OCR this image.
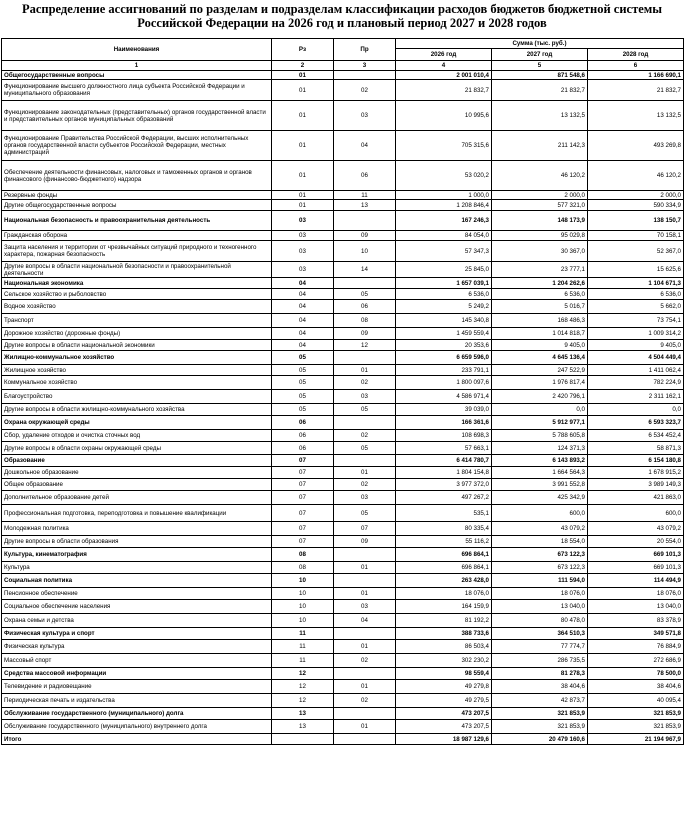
Распределение ассигнований по разделам и подразделам классификации расходов бюджетов бюджетной системы Российской Федерации на 2026 год и плановый период 2027 и 2028 годов
Наименования	Рз	Пр	Сумма (тыс. руб.)		
			2026 год	2027 год	2028 год
1	2	3	4	5	6
Общегосударственные вопросы	01		2 001 010,4	871 548,6	1 166 690,1
Функционирование высшего должностного лица субъекта Российской Федерации и муниципального образования	01	02	21 832,7	21 832,7	21 832,7
Функционирование законодательных (представительных) органов государственной власти и представительных органов муниципальных образований	01	03	10 995,6	13 132,5	13 132,5
Функционирование Правительства Российской Федерации, высших исполнительных органов государственной власти субъектов Российской Федерации, местных администраций	01	04	705 315,6	211 142,3	493 269,8
Обеспечение деятельности финансовых, налоговых и таможенных органов и органов финансового (финансово-бюджетного) надзора	01	06	53 020,2	46 120,2	46 120,2
Резервные фонды	01	11	1 000,0	2 000,0	2 000,0
Другие общегосударственные вопросы	01	13	1 208 846,4	577 321,0	590 334,9
Национальная безопасность и правоохранительная деятельность	03		167 246,3	148 173,9	138 150,7
Гражданская оборона	03	09	84 054,0	95 029,8	70 158,1
Защита населения и территории от чрезвычайных ситуаций природного и техногенного характера, пожарная безопасность	03	10	57 347,3	30 367,0	52 367,0
Другие вопросы в области национальной безопасности и правоохранительной деятельности	03	14	25 845,0	23 777,1	15 625,6
Национальная экономика	04		1 657 039,1	1 204 262,6	1 104 671,3
Сельское хозяйство и рыболовство	04	05	6 536,0	6 536,0	6 536,0
Водное хозяйство	04	06	5 249,2	5 016,7	5 662,0
Транспорт	04	08	145 340,8	168 486,3	73 754,1
Дорожное хозяйство (дорожные фонды)	04	09	1 459 559,4	1 014 818,7	1 009 314,2
Другие вопросы в области национальной экономики	04	12	20 353,6	9 405,0	9 405,0
Жилищно-коммунальное хозяйство	05		6 659 596,0	4 645 136,4	4 504 449,4
Жилищное хозяйство	05	01	233 791,1	247 522,9	1 411 062,4
Коммунальное хозяйство	05	02	1 800 097,6	1 976 817,4	782 224,9
Благоустройство	05	03	4 586 971,4	2 420 796,1	2 311 162,1
Другие вопросы в области жилищно-коммунального хозяйства	05	05	39 039,0	0,0	0,0
Охрана окружающей среды	06		166 361,6	5 912 977,1	6 593 323,7
Сбор, удаление отходов и очистка сточных вод	06	02	108 698,3	5 788 605,8	6 534 452,4
Другие вопросы в области охраны окружающей среды	06	05	57 663,1	124 371,3	58 871,3
Образование	07		6 414 780,7	6 143 893,2	6 154 180,8
Дошкольное образование	07	01	1 804 154,8	1 664 564,3	1 678 915,2
Общее образование	07	02	3 977 372,0	3 991 552,8	3 989 149,3
Дополнительное образование детей	07	03	497 267,2	425 342,9	421 863,0
Профессиональная подготовка, переподготовка и повышение квалификации	07	05	535,1	600,0	600,0
Молодежная политика	07	07	80 335,4	43 079,2	43 079,2
Другие вопросы в области образования	07	09	55 116,2	18 554,0	20 554,0
Культура, кинематография	08		696 864,1	673 122,3	669 101,3
Культура	08	01	696 864,1	673 122,3	669 101,3
Социальная политика	10		263 428,0	111 594,0	114 494,9
Пенсионное обеспечение	10	01	18 076,0	18 076,0	18 076,0
Социальное обеспечение населения	10	03	164 159,9	13 040,0	13 040,0
Охрана семьи и детства	10	04	81 192,2	80 478,0	83 378,9
Физическая культура и спорт	11		388 733,6	364 510,3	349 571,8
Физическая культура	11	01	86 503,4	77 774,7	76 884,9
Массовый спорт	11	02	302 230,2	286 735,5	272 686,9
Средства массовой информации	12		98 559,4	81 278,3	78 500,0
Телевидение и радиовещание	12	01	49 279,8	38 404,6	38 404,6
Периодическая печать и издательства	12	02	49 279,5	42 873,7	40 095,4
Обслуживание государственного (муниципального) долга	13		473 207,5	321 853,9	321 853,9
Обслуживание государственного (муниципального) внутреннего долга	13	01	473 207,5	321 853,9	321 853,9
Итого			18 987 129,6	20 479 160,6	21 194 967,9
